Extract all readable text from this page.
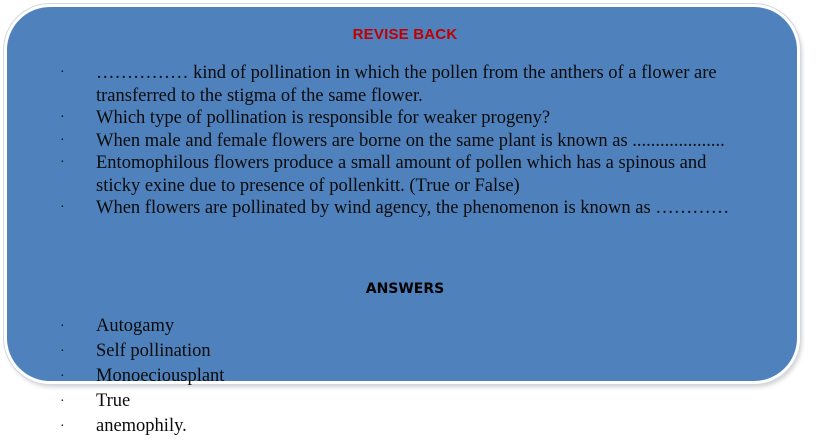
REVISE BACK
· …………… kind of pollination in which the pollen from the anthers of a flower are transferred to the stigma of the same flower.
· Which type of pollination is responsible for weaker progeny?
· When male and female flowers are borne on the same plant is known as ....................
· Entomophilous flowers produce a small amount of pollen which has a spinous and sticky exine due to presence of pollenkitt. (True or False)
· When flowers are pollinated by wind agency, the phenomenon is known as …………
ANSWERS
· Autogamy
· Self pollination
· Monoeciousplant
· True
· anemophily.
